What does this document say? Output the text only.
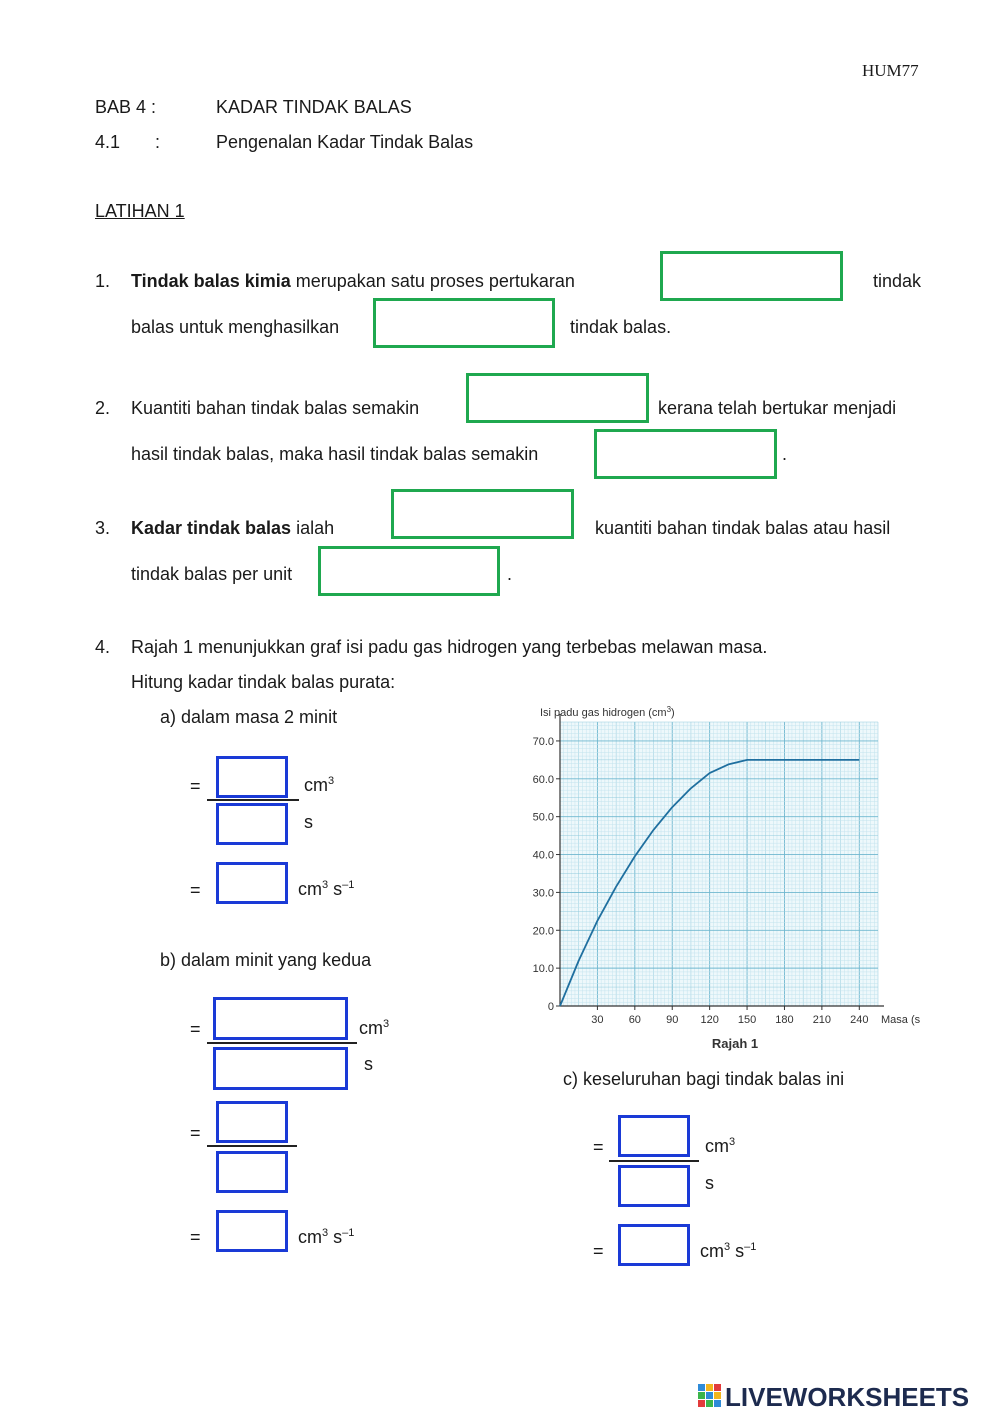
HUM77
BAB 4 :	KADAR TINDAK BALAS
4.1 :	Pengenalan Kadar Tindak Balas
LATIHAN 1
1. Tindak balas kimia merupakan satu proses pertukaran	tindak
balas untuk menghasilkan	tindak balas.
2. Kuantiti bahan tindak balas semakin	kerana telah bertukar menjadi
hasil tindak balas, maka hasil tindak balas semakin	.
3. Kadar tindak balas ialah	kuantiti bahan tindak balas atau hasil
tindak balas per unit	.
4. Rajah 1 menunjukkan graf isi padu gas hidrogen yang terbebas melawan masa.
Hitung kadar tindak balas purata:
a) dalam masa 2 minit
=	$cm^3$
s
=	$cm^3$ $s^{-1}$
b) dalam minit yang kedua
=	$cm^3$
s
=
=	$cm^3$ $s^{-1}$
0
10.0
20.0
30.0
40.0
50.0
60.0
70.0
30 60 90 120 150 180 210 240 Masa (s)
Isi padu gas hidrogen $(cm^3)$
Rajah 1
c) keseluruhan bagi tindak balas ini
=	$cm^3$
s
=	$cm^3$ $s^{-1}$
LIVEWORKSHEETS
